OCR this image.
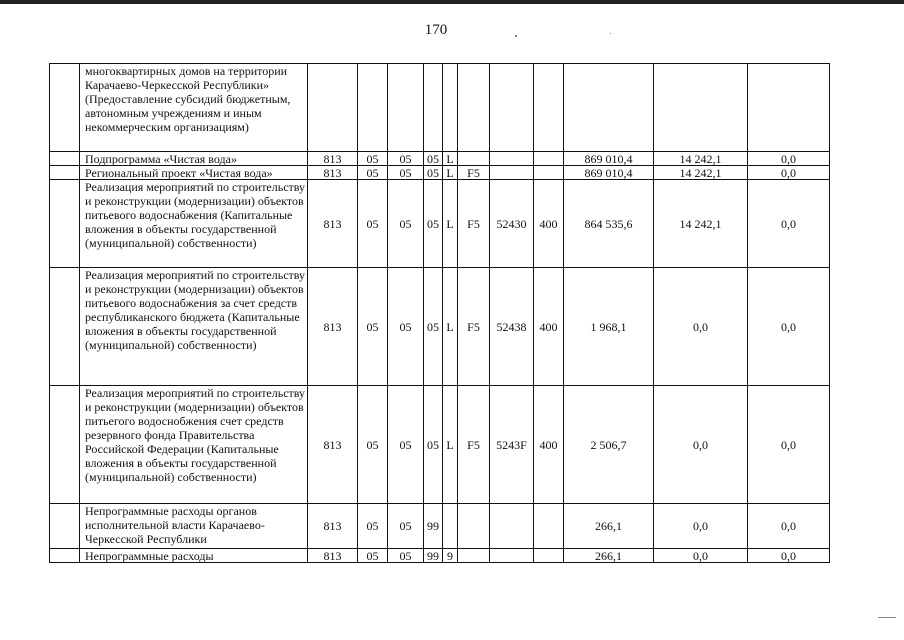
170
	многоквартирных домов на территории Карачаево-Черкесской Республики» (Предоставление субсидий бюджетным, автономным учреждениям и иным некоммерческим организациям)											
	Подпрограмма «Чистая вода»	813	05	05	05	L				869 010,4	14 242,1	0,0
	Региональный проект «Чистая вода»	813	05	05	05	L	F5			869 010,4	14 242,1	0,0
	Реализация мероприятий по строительству и реконструкции (модернизации) объектов питьевого водоснабжения (Капитальные вложения в объекты государственной (муниципальной) собственности)	813	05	05	05	L	F5	52430	400	864 535,6	14 242,1	0,0
	Реализация мероприятий по строительству и реконструкции (модернизации) объектов питьевого водоснабжения за счет средств республиканского бюджета (Капитальные вложения в объекты государственной (муниципальной) собственности)	813	05	05	05	L	F5	52438	400	1 968,1	0,0	0,0
	Реализация мероприятий по строительству и реконструкции (модернизации) объектов питьегого водоснобжения счет средств резервного фонда Правительства Российской Федерации (Капитальные вложения в объекты государственной (муниципальной) собственности)	813	05	05	05	L	F5	5243F	400	2 506,7	0,0	0,0
	Непрограммные расходы органов исполнительной власти Карачаево-Черкесской Республики	813	05	05	99					266,1	0,0	0,0
	Непрограммные расходы	813	05	05	99	9				266,1	0,0	0,0
